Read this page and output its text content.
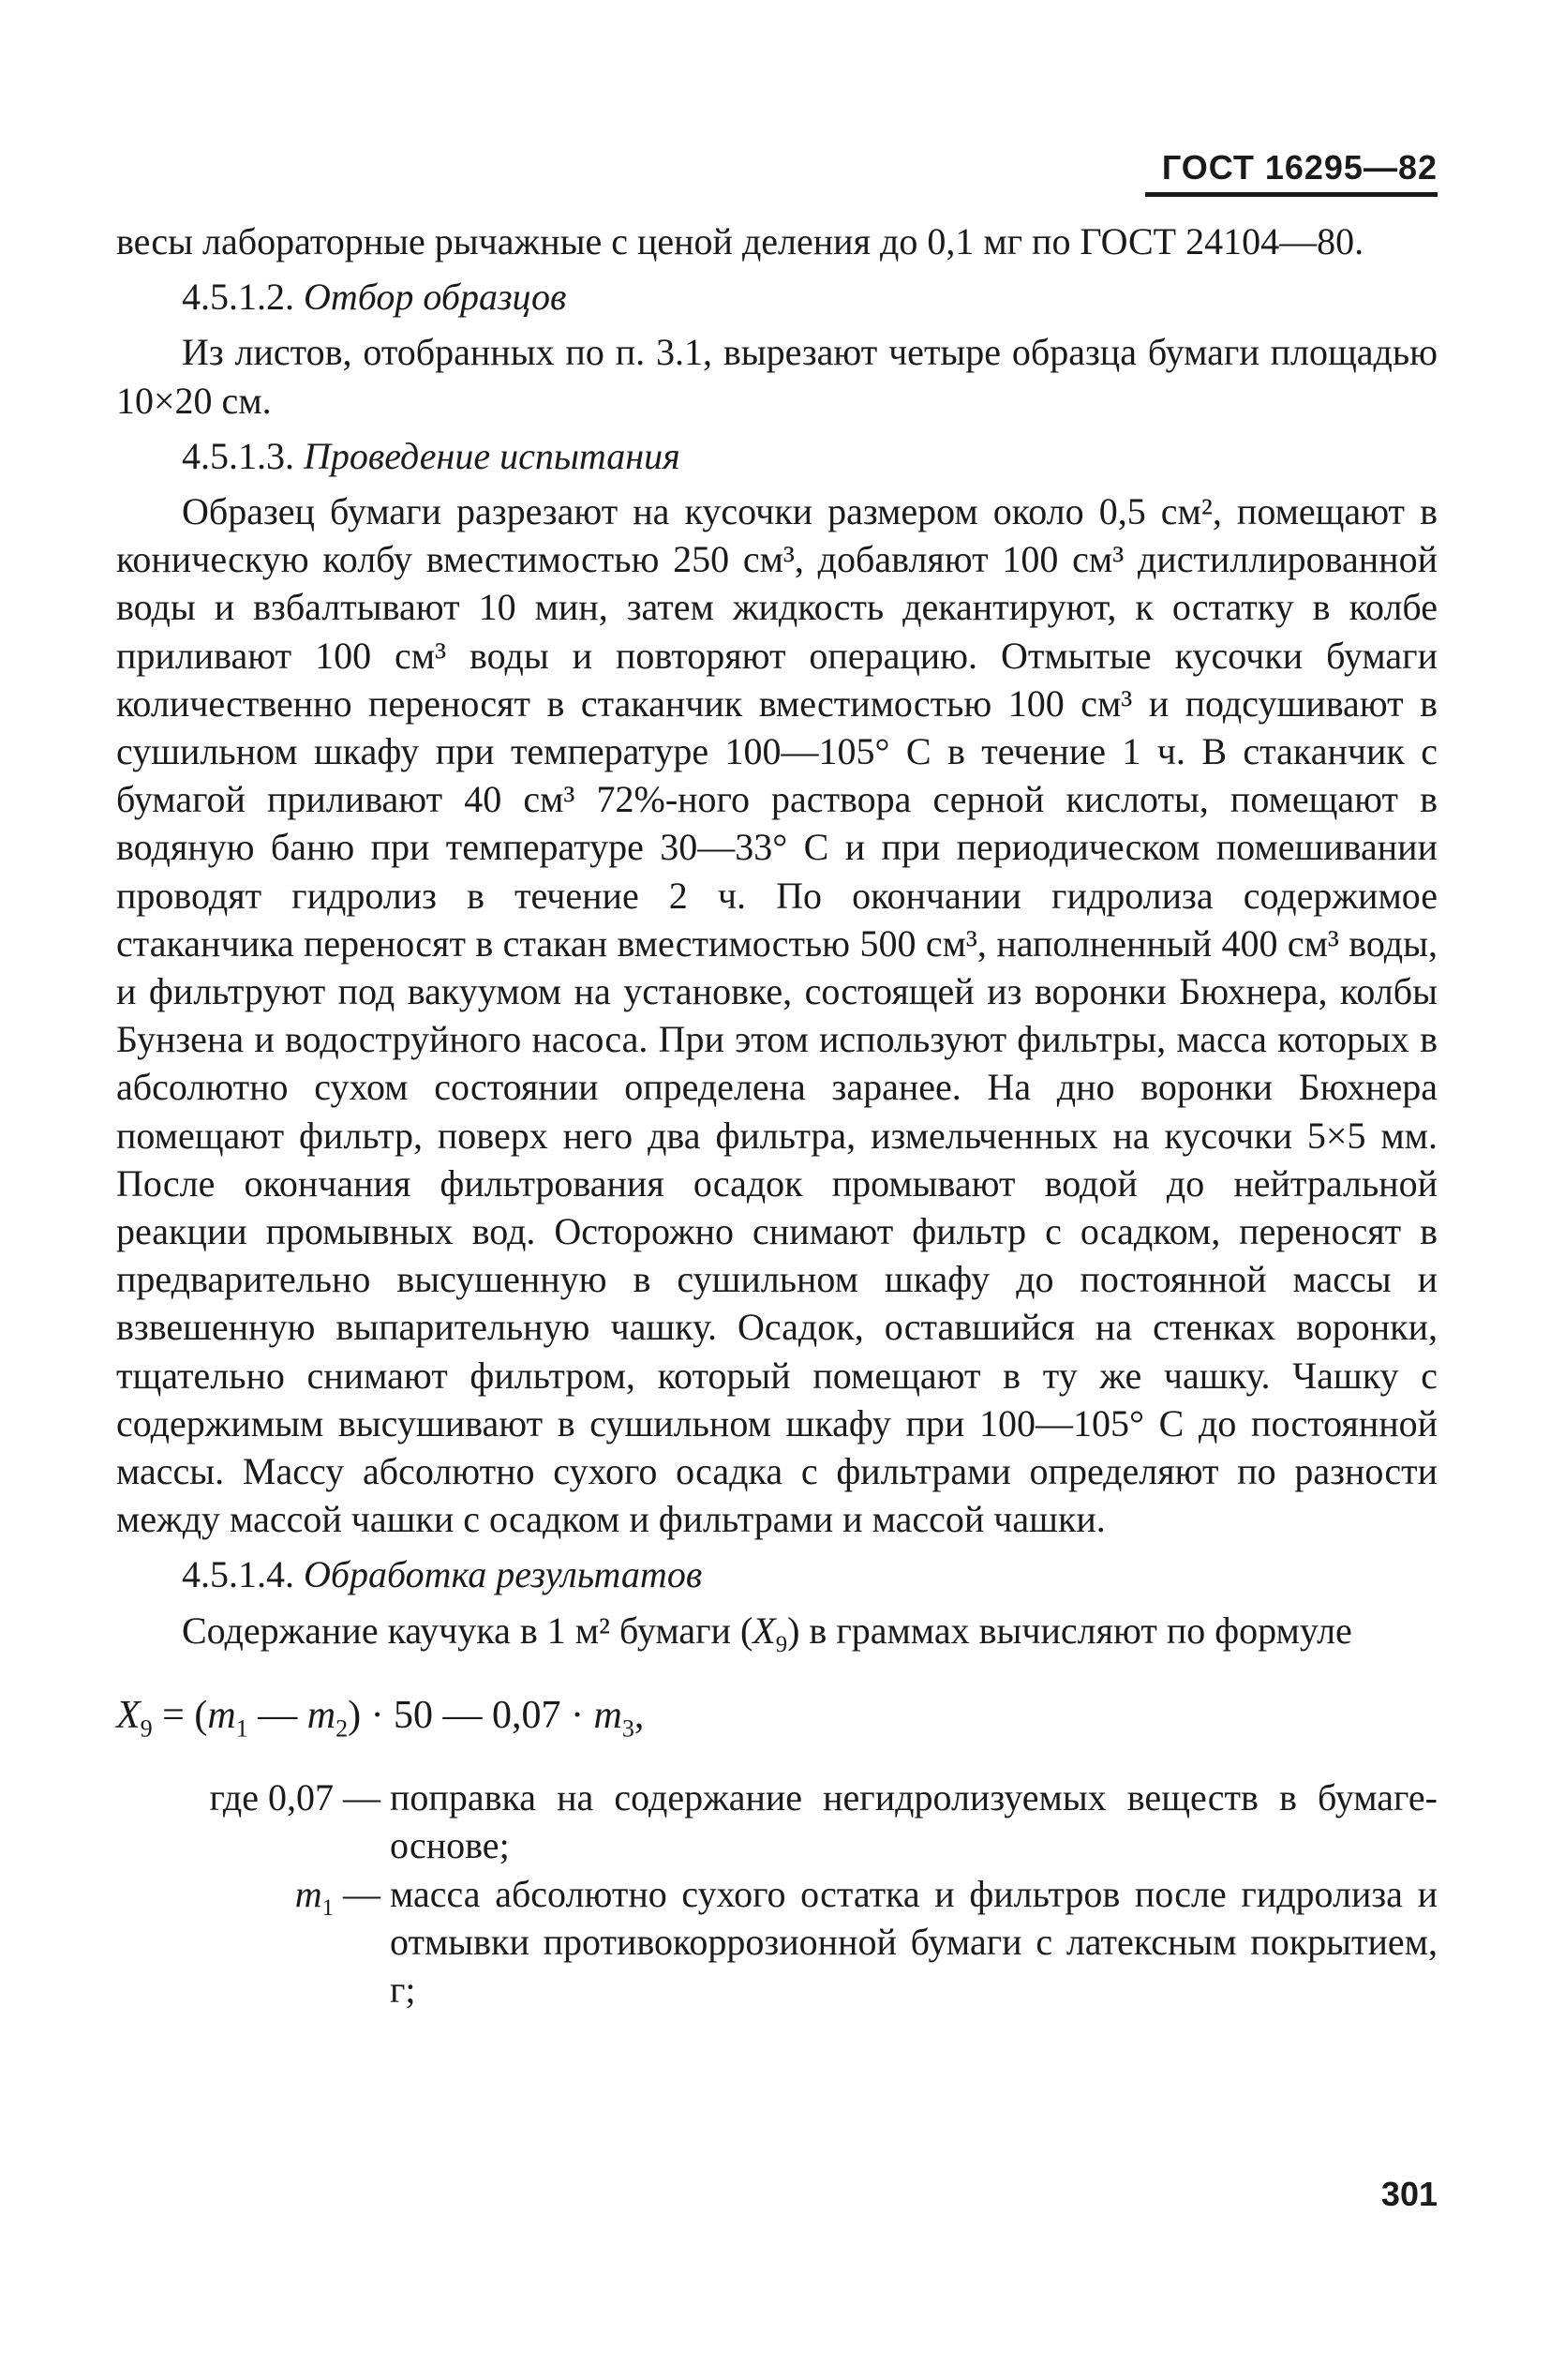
ГОСТ 16295—82

весы лабораторные рычажные с ценой деления до 0,1 мг по ГОСТ 24104—80.

4.5.1.2. Отбор образцов

Из листов, отобранных по п. 3.1, вырезают четыре образца бумаги площадью 10×20 см.

4.5.1.3. Проведение испытания

Образец бумаги разрезают на кусочки размером около 0,5 см², помещают в коническую колбу вместимостью 250 см³, добавляют 100 см³ дистиллированной воды и взбалтывают 10 мин, затем жидкость декантируют, к остатку в колбе приливают 100 см³ воды и повторяют операцию. Отмытые кусочки бумаги количественно переносят в стаканчик вместимостью 100 см³ и подсушивают в сушильном шкафу при температуре 100—105° С в течение 1 ч. В стаканчик с бумагой приливают 40 см³ 72%-ного раствора серной кислоты, помещают в водяную баню при температуре 30—33° С и при периодическом помешивании проводят гидролиз в течение 2 ч. По окончании гидролиза содержимое стаканчика переносят в стакан вместимостью 500 см³, наполненный 400 см³ воды, и фильтруют под вакуумом на установке, состоящей из воронки Бюхнера, колбы Бунзена и водоструйного насоса. При этом используют фильтры, масса которых в абсолютно сухом состоянии определена заранее. На дно воронки Бюхнера помещают фильтр, поверх него два фильтра, измельченных на кусочки 5×5 мм. После окончания фильтрования осадок промывают водой до нейтральной реакции промывных вод. Осторожно снимают фильтр с осадком, переносят в предварительно высушенную в сушильном шкафу до постоянной массы и взвешенную выпарительную чашку. Осадок, оставшийся на стенках воронки, тщательно снимают фильтром, который помещают в ту же чашку. Чашку с содержимым высушивают в сушильном шкафу при 100—105° С до постоянной массы. Массу абсолютно сухого осадка с фильтрами определяют по разности между массой чашки с осадком и фильтрами и массой чашки.

4.5.1.4. Обработка результатов

Содержание каучука в 1 м² бумаги $(X_9)$ в граммах вычисляют по формуле

$X_9 = (m_1$ — $m_2) \cdot 50$ — $0,07 \cdot m_3$,

где 0,07 — поправка на содержание негидролизуемых веществ в бумаге-основе;
$m_1$ — масса абсолютно сухого остатка и фильтров после гидролиза и отмывки противокоррозионной бумаги с латексным покрытием, г;
301
